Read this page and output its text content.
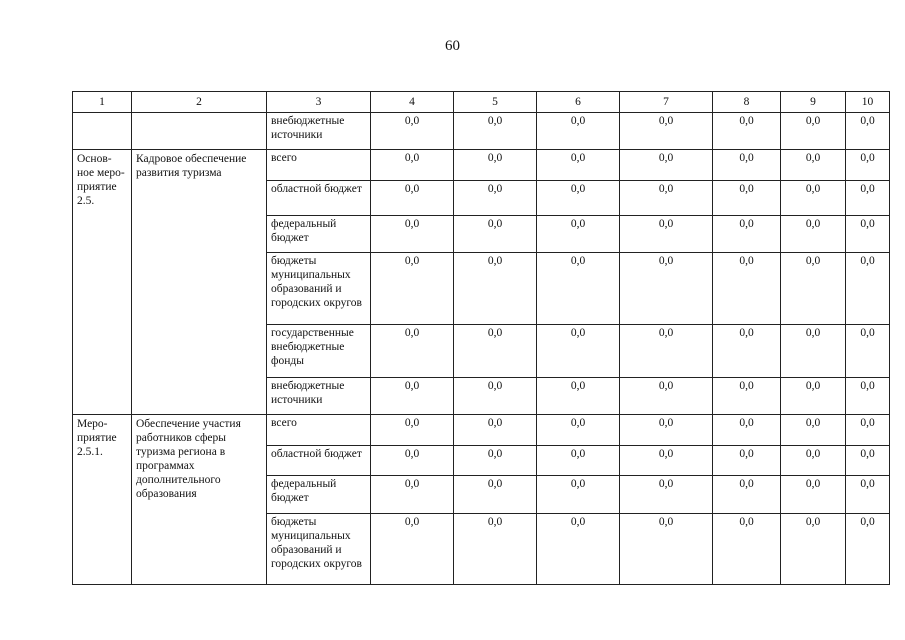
60
1	2	3	4	5	6	7	8	9	10
		внебюджетные источники	0,0	0,0	0,0	0,0	0,0	0,0	0,0
Основ-ное меро-приятие 2.5.	Кадровое обеспечение развития туризма	всего	0,0	0,0	0,0	0,0	0,0	0,0	0,0
		областной бюджет	0,0	0,0	0,0	0,0	0,0	0,0	0,0
		федеральный бюджет	0,0	0,0	0,0	0,0	0,0	0,0	0,0
		бюджеты муниципальных образований и городских округов	0,0	0,0	0,0	0,0	0,0	0,0	0,0
		государственные внебюджетные фонды	0,0	0,0	0,0	0,0	0,0	0,0	0,0
		внебюджетные источники	0,0	0,0	0,0	0,0	0,0	0,0	0,0
Меро-приятие 2.5.1.	Обеспечение участия работников сферы туризма региона в программах дополнительного образования	всего	0,0	0,0	0,0	0,0	0,0	0,0	0,0
		областной бюджет	0,0	0,0	0,0	0,0	0,0	0,0	0,0
		федеральный бюджет	0,0	0,0	0,0	0,0	0,0	0,0	0,0
		бюджеты муниципальных образований и городских округов	0,0	0,0	0,0	0,0	0,0	0,0	0,0
